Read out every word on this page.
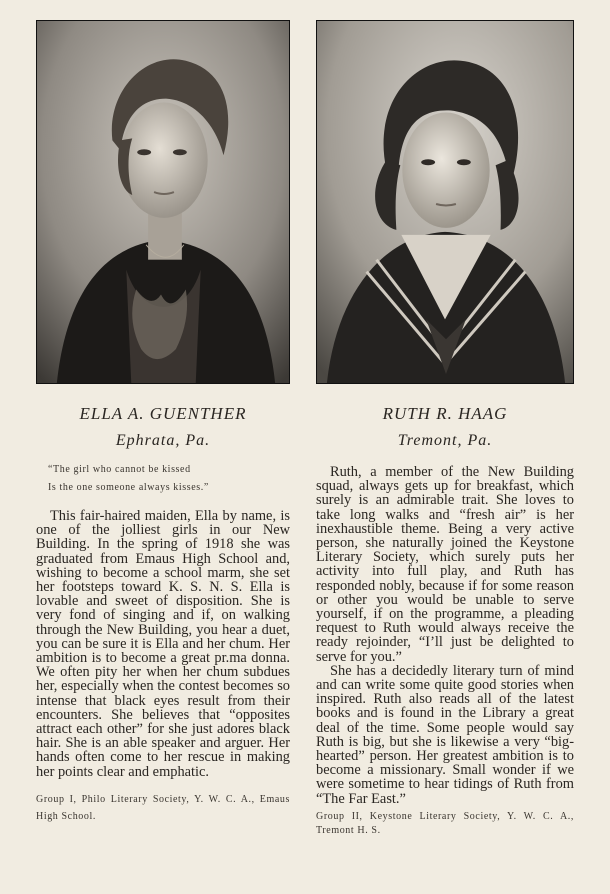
ELLA A. GUENTHER
Ephrata, Pa.
“The girl who cannot be kissed
Is the one someone always kisses.”

This fair-haired maiden, Ella by name, is one of the jolliest girls in our New Building. In the spring of 1918 she was graduated from Emaus High School and, wishing to become a school marm, she set her footsteps toward K. S. N. S. Ella is lovable and sweet of disposition. She is very fond of singing and if, on walking through the New Building, you hear a duet, you can be sure it is Ella and her chum. Her ambition is to become a great pr.ma donna. We often pity her when her chum subdues her, especially when the contest becomes so intense that black eyes result from their encounters. She believes that “opposites attract each other” for she just adores black hair. She is an able speaker and arguer. Her hands often come to her rescue in making her points clear and emphatic.

Group I, Philo Literary Society, Y. W. C. A., Emaus High School.
RUTH R. HAAG
Tremont, Pa.

Ruth, a member of the New Building squad, always gets up for breakfast, which surely is an admirable trait. She loves to take long walks and “fresh air” is her inexhaustible theme. Being a very active person, she naturally joined the Keystone Literary Society, which surely puts her activity into full play, and Ruth has responded nobly, because if for some reason or other you would be unable to serve yourself, if on the programme, a pleading request to Ruth would always receive the ready rejoinder, “I’ll just be delighted to serve for you.”

She has a decidedly literary turn of mind and can write some quite good stories when inspired. Ruth also reads all of the latest books and is found in the Library a great deal of the time. Some people would say Ruth is big, but she is likewise a very “big-hearted” person. Her greatest ambition is to become a missionary. Small wonder if we were sometime to hear tidings of Ruth from “The Far East.”

Group II, Keystone Literary Society, Y. W. C. A., Tremont H. S.
